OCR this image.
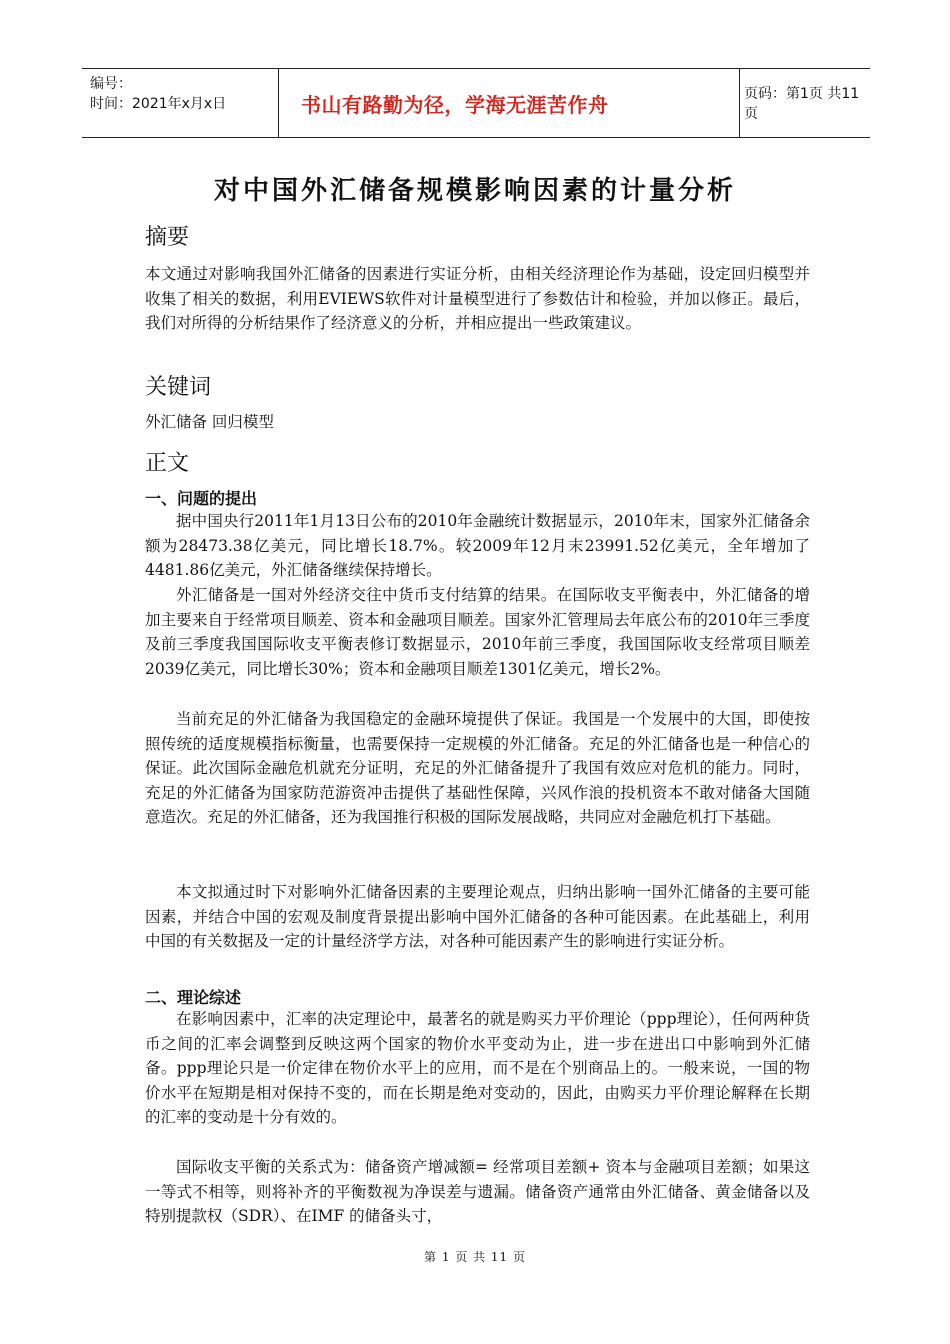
编号：
时间：2021年x月x日	书山有路勤为径，学海无涯苦作舟	页码：第1页 共11页
对中国外汇储备规模影响因素的计量分析
摘要
本文通过对影响我国外汇储备的因素进行实证分析，由相关经济理论作为基础，设定回归模型并收集了相关的数据，利用EVIEWS软件对计量模型进行了参数估计和检验，并加以修正。最后，我们对所得的分析结果作了经济意义的分析，并相应提出一些政策建议。
关键词
外汇储备 回归模型
正文
一、问题的提出
据中国央行2011年1月13日公布的2010年金融统计数据显示，2010年末，国家外汇储备余额为28473.38亿美元，同比增长18.7%。较2009年12月末23991.52亿美元，全年增加了4481.86亿美元，外汇储备继续保持增长。
外汇储备是一国对外经济交往中货币支付结算的结果。在国际收支平衡表中，外汇储备的增加主要来自于经常项目顺差、资本和金融项目顺差。国家外汇管理局去年底公布的2010年三季度及前三季度我国国际收支平衡表修订数据显示，2010年前三季度，我国国际收支经常项目顺差2039亿美元，同比增长30%；资本和金融项目顺差1301亿美元，增长2%。
当前充足的外汇储备为我国稳定的金融环境提供了保证。我国是一个发展中的大国，即使按照传统的适度规模指标衡量，也需要保持一定规模的外汇储备。充足的外汇储备也是一种信心的保证。此次国际金融危机就充分证明，充足的外汇储备提升了我国有效应对危机的能力。同时，充足的外汇储备为国家防范游资冲击提供了基础性保障，兴风作浪的投机资本不敢对储备大国随意造次。充足的外汇储备，还为我国推行积极的国际发展战略，共同应对金融危机打下基础。
本文拟通过时下对影响外汇储备因素的主要理论观点，归纳出影响一国外汇储备的主要可能因素，并结合中国的宏观及制度背景提出影响中国外汇储备的各种可能因素。在此基础上，利用中国的有关数据及一定的计量经济学方法，对各种可能因素产生的影响进行实证分析。
二、理论综述
在影响因素中，汇率的决定理论中，最著名的就是购买力平价理论（ppp理论），任何两种货币之间的汇率会调整到反映这两个国家的物价水平变动为止，进一步在进出口中影响到外汇储备。ppp理论只是一价定律在物价水平上的应用，而不是在个别商品上的。一般来说，一国的物价水平在短期是相对保持不变的，而在长期是绝对变动的，因此，由购买力平价理论解释在长期的汇率的变动是十分有效的。
国际收支平衡的关系式为：储备资产增减额= 经常项目差额+ 资本与金融项目差额；如果这一等式不相等，则将补齐的平衡数视为净误差与遗漏。储备资产通常由外汇储备、黄金储备以及特别提款权（SDR）、在IMF 的储备头寸，
第 1 页 共 11 页
